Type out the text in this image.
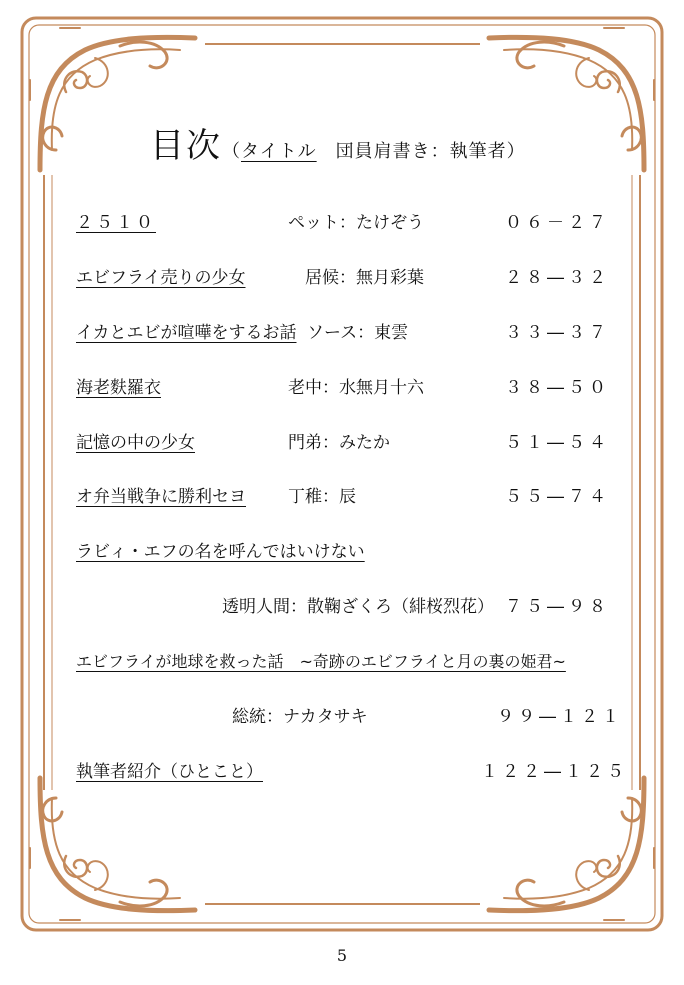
目次（タイトル　団員肩書き：執筆者）
２５１０	ペット：たけぞう	０６－２７
エビフライ売りの少女	居候：無月彩葉	２８―３２
イカとエビが喧嘩をするお話 ソース：東雲	３３―３７
海老麩羅衣	老中：水無月十六	３８―５０
記憶の中の少女	門弟：みたか	５１―５４
オ弁当戦争に勝利セヨ 丁稚：辰	５５―７４
ラビィ・エフの名を呼んではいけない
透明人間：散鞠ざくろ（緋桜烈花） ７５―９８
エビフライが地球を救った話　~奇跡のエビフライと月の裏の姫君~
総統：ナカタサキ	９９―１２１
執筆者紹介（ひとこと）	１２２―１２５
5
